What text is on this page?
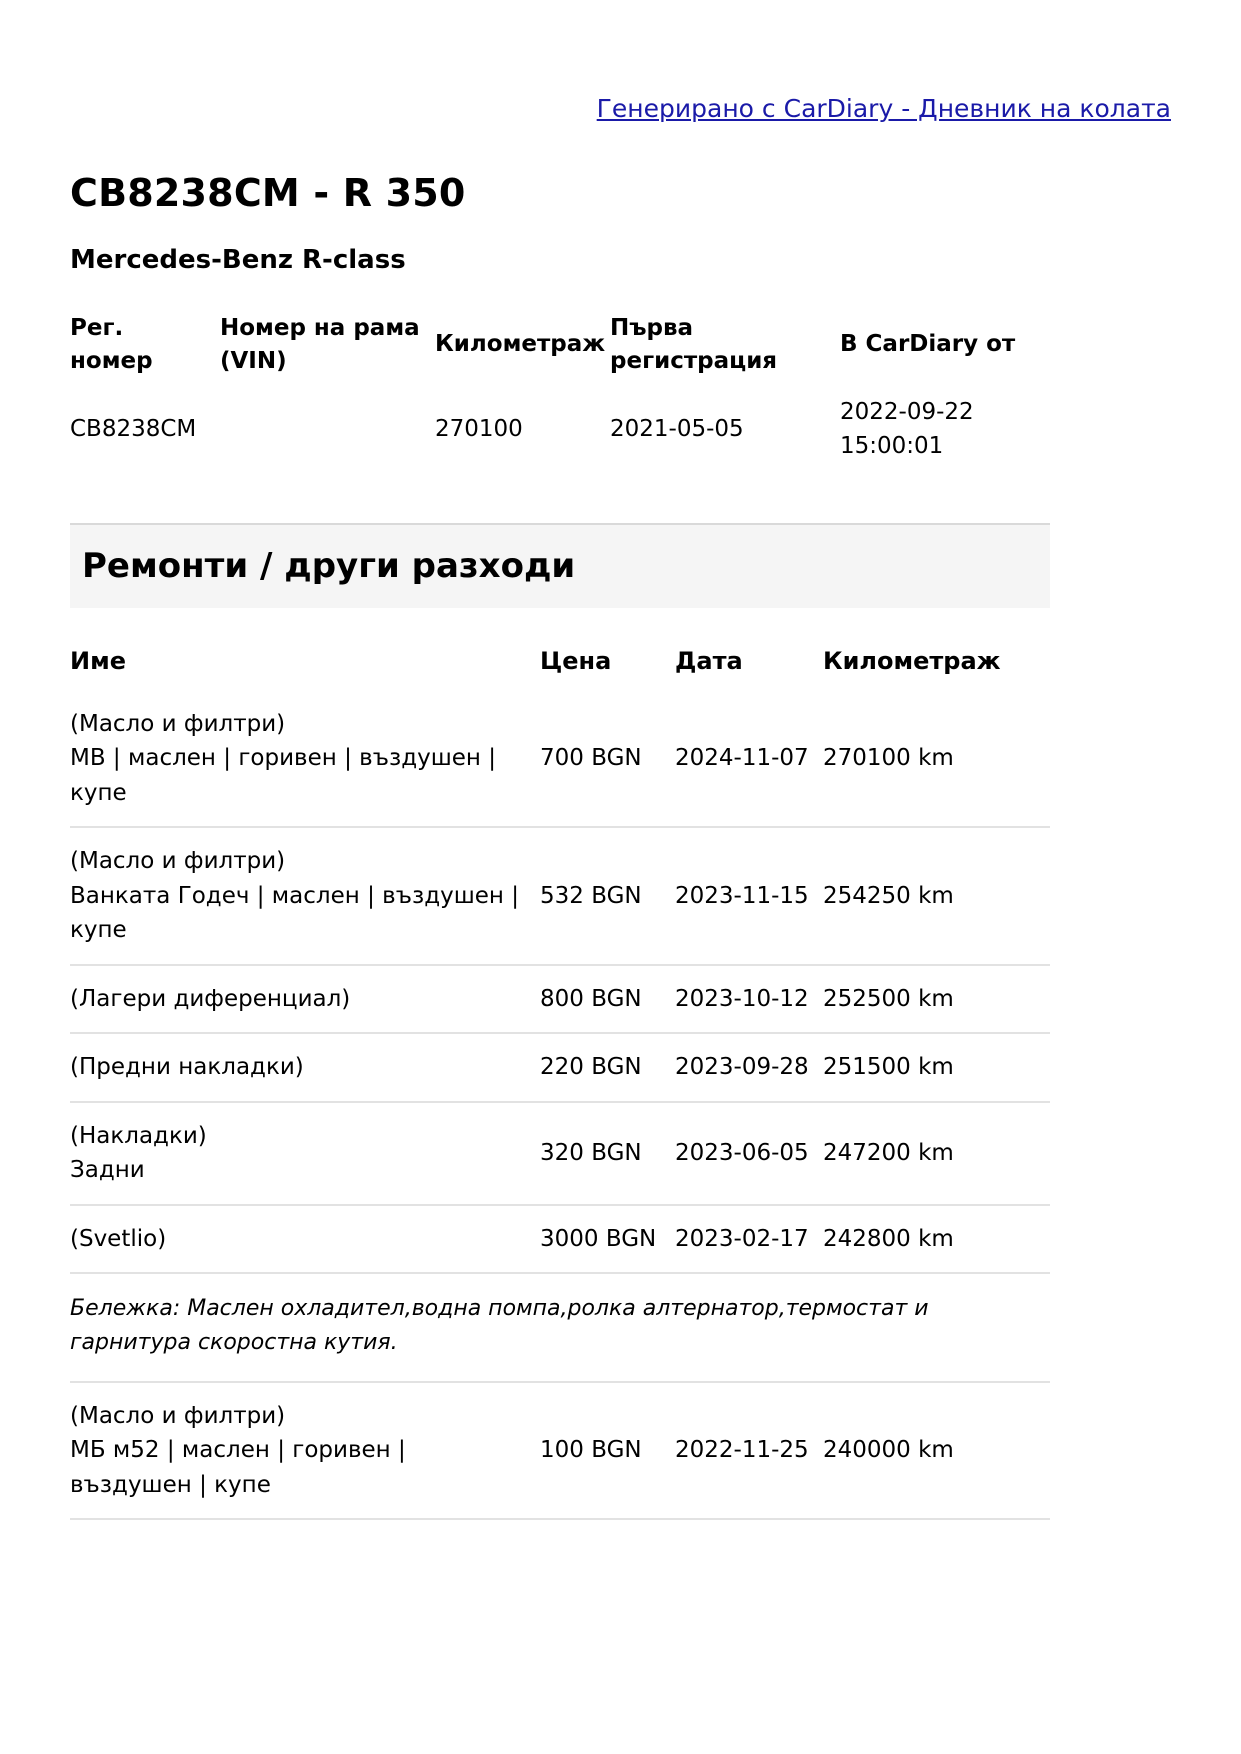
Генерирано с CarDiary - Дневник на колата
CB8238CM - R 350
Mercedes-Benz R-class
Рег. номер	Номер на рама (VIN)	Километраж	Първа регистрация	В CarDiary от
CB8238CM		270100	2021-05-05	2022-09-22 15:00:01
Ремонти / други разходи
Име	Цена	Дата	Километраж

(Масло и филтри)
МВ | маслен | горивен | въздушен | купе	700 BGN	2024-11-07	270100 km

(Масло и филтри)
Ванката Годеч | маслен | въздушен | купе	532 BGN	2023-11-15	254250 km

(Лагери диференциал)	800 BGN	2023-10-12	252500 km

(Предни накладки)	220 BGN	2023-09-28	251500 km

(Накладки)
Задни	320 BGN	2023-06-05	247200 km

(Svetlio)	3000 BGN	2023-02-17	242800 km
Бележка: Маслен охладител,водна помпа,ролка алтернатор,термостат и гарнитура скоростна кутия.			

(Масло и филтри)
МБ м52 | маслен | горивен | въздушен | купе	100 BGN	2022-11-25	240000 km
